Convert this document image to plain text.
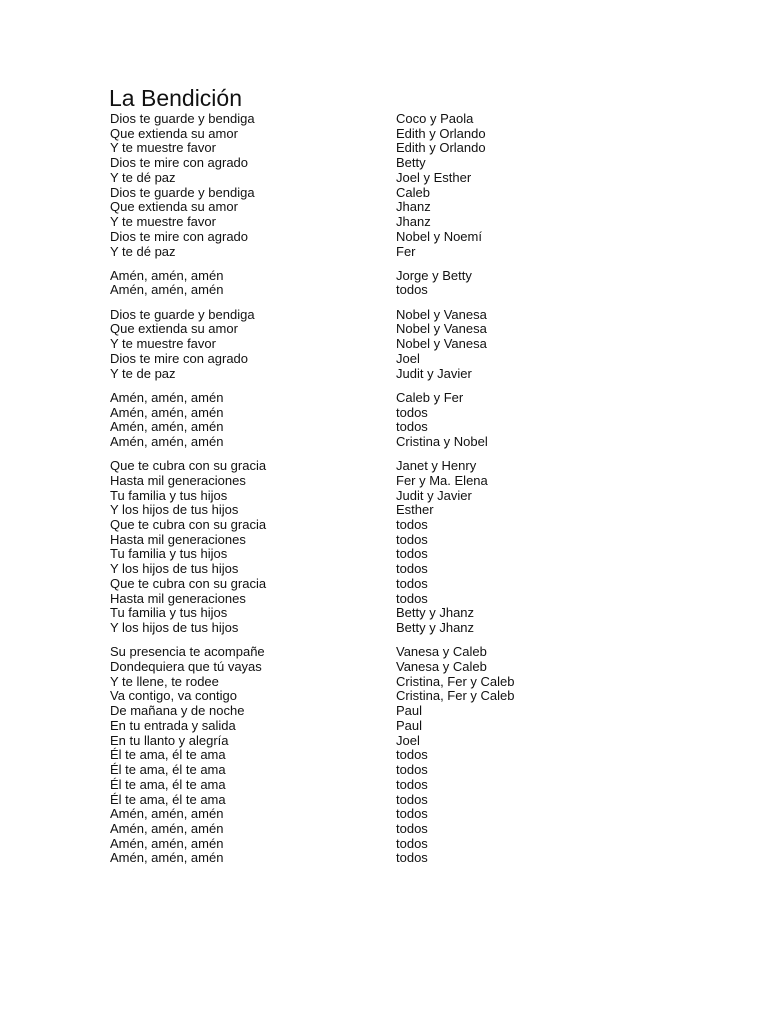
La Bendición
Dios te guarde y bendiga	Coco y Paola
Que extienda su amor	Edith y Orlando
Y te muestre favor	Edith y Orlando
Dios te mire con agrado	Betty
Y te dé paz	Joel y Esther
Dios te guarde y bendiga	Caleb
Que extienda su amor	Jhanz
Y te muestre favor	Jhanz
Dios te mire con agrado	Nobel y Noemí
Y te dé paz	Fer
Amén, amén, amén	Jorge y Betty
Amén, amén, amén	todos
Dios te guarde y bendiga	Nobel y Vanesa
Que extienda su amor	Nobel y Vanesa
Y te muestre favor	Nobel y Vanesa
Dios te mire con agrado	Joel
Y te de paz	Judit y Javier
Amén, amén, amén	Caleb y Fer
Amén, amén, amén	todos
Amén, amén, amén	todos
Amén, amén, amén	Cristina y Nobel
Que te cubra con su gracia	Janet y Henry
Hasta mil generaciones	Fer y Ma. Elena
Tu familia y tus hijos	Judit y Javier
Y los hijos de tus hijos	Esther
Que te cubra con su gracia	todos
Hasta mil generaciones	todos
Tu familia y tus hijos	todos
Y los hijos de tus hijos	todos
Que te cubra con su gracia	todos
Hasta mil generaciones	todos
Tu familia y tus hijos	Betty y Jhanz
Y los hijos de tus hijos	Betty y Jhanz
Su presencia te acompañe	Vanesa y Caleb
Dondequiera que tú vayas	Vanesa y Caleb
Y te llene, te rodee	Cristina, Fer y Caleb
Va contigo, va contigo	Cristina, Fer y Caleb
De mañana y de noche	Paul
En tu entrada y salida	Paul
En tu llanto y alegría	Joel
Él te ama, él te ama	todos
Él te ama, él te ama	todos
Él te ama, él te ama	todos
Él te ama, él te ama	todos
Amén, amén, amén	todos
Amén, amén, amén	todos
Amén, amén, amén	todos
Amén, amén, amén	todos
